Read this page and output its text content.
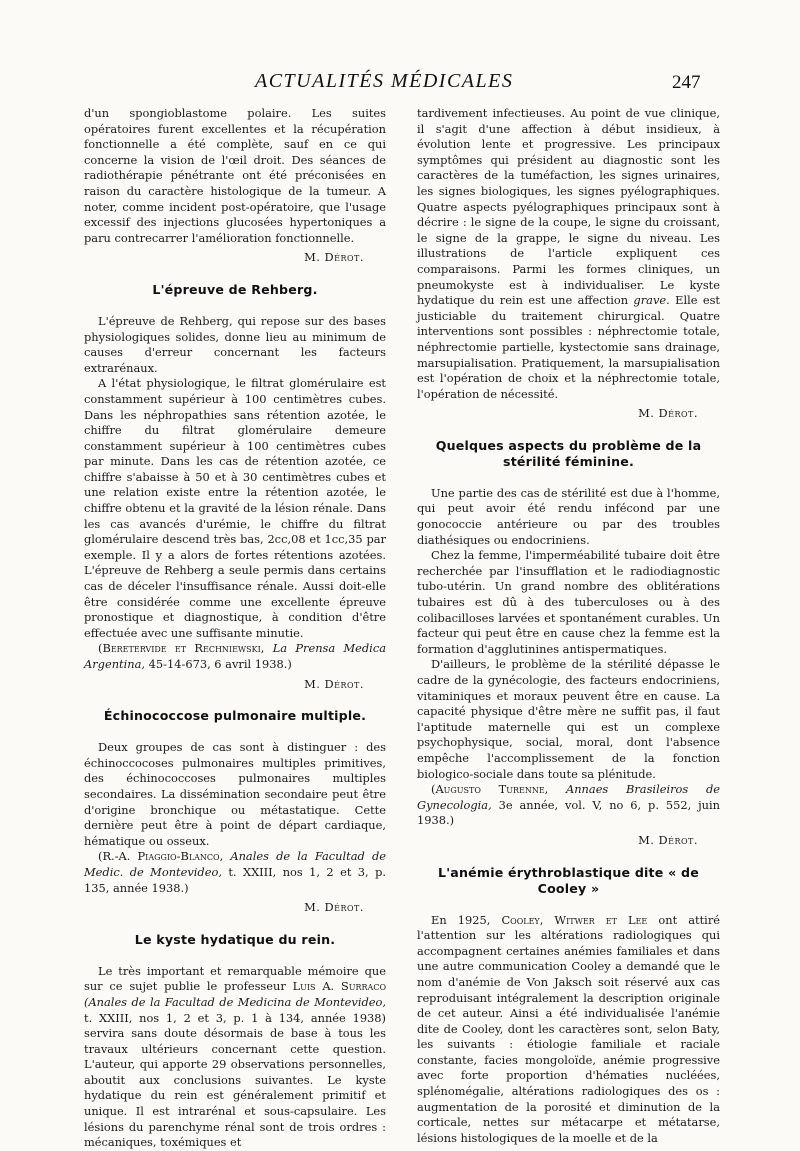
ACTUALITÉS MÉDICALES	247

d'un spongioblastome polaire. Les suites opératoires furent excellentes et la récupération fonctionnelle a été complète, sauf en ce qui concerne la vision de l'œil droit. Des séances de radiothérapie pénétrante ont été préconisées en raison du caractère histologique de la tumeur. A noter, comme incident post-opératoire, que l'usage excessif des injections glucosées hypertoniques a paru contrecarrer l'amélioration fonctionnelle.

M. Dérot.
L'épreuve de Rehberg.

L'épreuve de Rehberg, qui repose sur des bases physiologiques solides, donne lieu au minimum de causes d'erreur concernant les facteurs extrarénaux.

A l'état physiologique, le filtrat glomérulaire est constamment supérieur à 100 centimètres cubes. Dans les néphropathies sans rétention azotée, le chiffre du filtrat glomérulaire demeure constamment supérieur à 100 centimètres cubes par minute. Dans les cas de rétention azotée, ce chiffre s'abaisse à 50 et à 30 centimètres cubes et une relation existe entre la rétention azotée, le chiffre obtenu et la gravité de la lésion rénale. Dans les cas avancés d'urémie, le chiffre du filtrat glomérulaire descend très bas, 2cc,08 et 1cc,35 par exemple. Il y a alors de fortes rétentions azotées. L'épreuve de Rehberg a seule permis dans certains cas de déceler l'insuffisance rénale. Aussi doit-elle être considérée comme une excellente épreuve pronostique et diagnostique, à condition d'être effectuée avec une suffisante minutie.

(Beretervide et Rechniewski, La Prensa Medica Argentina, 45-14-673, 6 avril 1938.)

M. Dérot.
Échinococcose pulmonaire multiple.

Deux groupes de cas sont à distinguer : des échinoccocoses pulmonaires multiples primitives, des échinococcoses pulmonaires multiples secondaires. La dissémination secondaire peut être d'origine bronchique ou métastatique. Cette dernière peut être à point de départ cardiaque, hématique ou osseux.

(R.-A. Piaggio-Blanco, Anales de la Facultad de Medic. de Montevideo, t. XXIII, nos 1, 2 et 3, p. 135, année 1938.)

M. Dérot.
Le kyste hydatique du rein.

Le très important et remarquable mémoire que sur ce sujet publie le professeur Luis A. Surraco (Anales de la Facultad de Medicina de Montevideo, t. XXIII, nos 1, 2 et 3, p. 1 à 134, année 1938) servira sans doute désormais de base à tous les travaux ultérieurs concernant cette question. L'auteur, qui apporte 29 observations personnelles, aboutit aux conclusions suivantes. Le kyste hydatique du rein est généralement primitif et unique. Il est intrarénal et sous-capsulaire. Les lésions du parenchyme rénal sont de trois ordres : mécaniques, toxémiques et

tardivement infectieuses. Au point de vue clinique, il s'agit d'une affection à début insidieux, à évolution lente et progressive. Les principaux symptômes qui président au diagnostic sont les caractères de la tuméfaction, les signes urinaires, les signes biologiques, les signes pyélographiques. Quatre aspects pyélographiques principaux sont à décrire : le signe de la coupe, le signe du croissant, le signe de la grappe, le signe du niveau. Les illustrations de l'article expliquent ces comparaisons. Parmi les formes cliniques, un pneumokyste est à individualiser. Le kyste hydatique du rein est une affection grave. Elle est justiciable du traitement chirurgical. Quatre interventions sont possibles : néphrectomie totale, néphrectomie partielle, kystectomie sans drainage, marsupialisation. Pratiquement, la marsupialisation est l'opération de choix et la néphrectomie totale, l'opération de nécessité.

M. Dérot.
Quelques aspects du problème de la stérilité féminine.

Une partie des cas de stérilité est due à l'homme, qui peut avoir été rendu infécond par une gonococcie antérieure ou par des troubles diathésiques ou endocriniens.

Chez la femme, l'imperméabilité tubaire doit être recherchée par l'insufflation et le radiodiagnostic tubo-utérin. Un grand nombre des oblitérations tubaires est dû à des tuberculoses ou à des colibacilloses larvées et spontanément curables. Un facteur qui peut être en cause chez la femme est la formation d'agglutinines antispermatiques.

D'ailleurs, le problème de la stérilité dépasse le cadre de la gynécologie, des facteurs endocriniens, vitaminiques et moraux peuvent être en cause. La capacité physique d'être mère ne suffit pas, il faut l'aptitude maternelle qui est un complexe psychophysique, social, moral, dont l'absence empêche l'accomplissement de la fonction biologico-sociale dans toute sa plénitude.

(Augusto Turenne, Annaes Brasileiros de Gynecologia, 3e année, vol. V, no 6, p. 552, juin 1938.)

M. Dérot.
L'anémie érythroblastique dite « de Cooley »

En 1925, Cooley, Witwer et Lee ont attiré l'attention sur les altérations radiologiques qui accompagnent certaines anémies familiales et dans une autre communication Cooley a demandé que le nom d'anémie de Von Jaksch soit réservé aux cas reproduisant intégralement la description originale de cet auteur. Ainsi a été individualisée l'anémie dite de Cooley, dont les caractères sont, selon Baty, les suivants : étiologie familiale et raciale constante, facies mongoloïde, anémie progressive avec forte proportion d'hématies nucléées, splénomégalie, altérations radiologiques des os : augmentation de la porosité et diminution de la corticale, nettes sur métacarpe et métatarse, lésions histologiques de la moelle et de la
